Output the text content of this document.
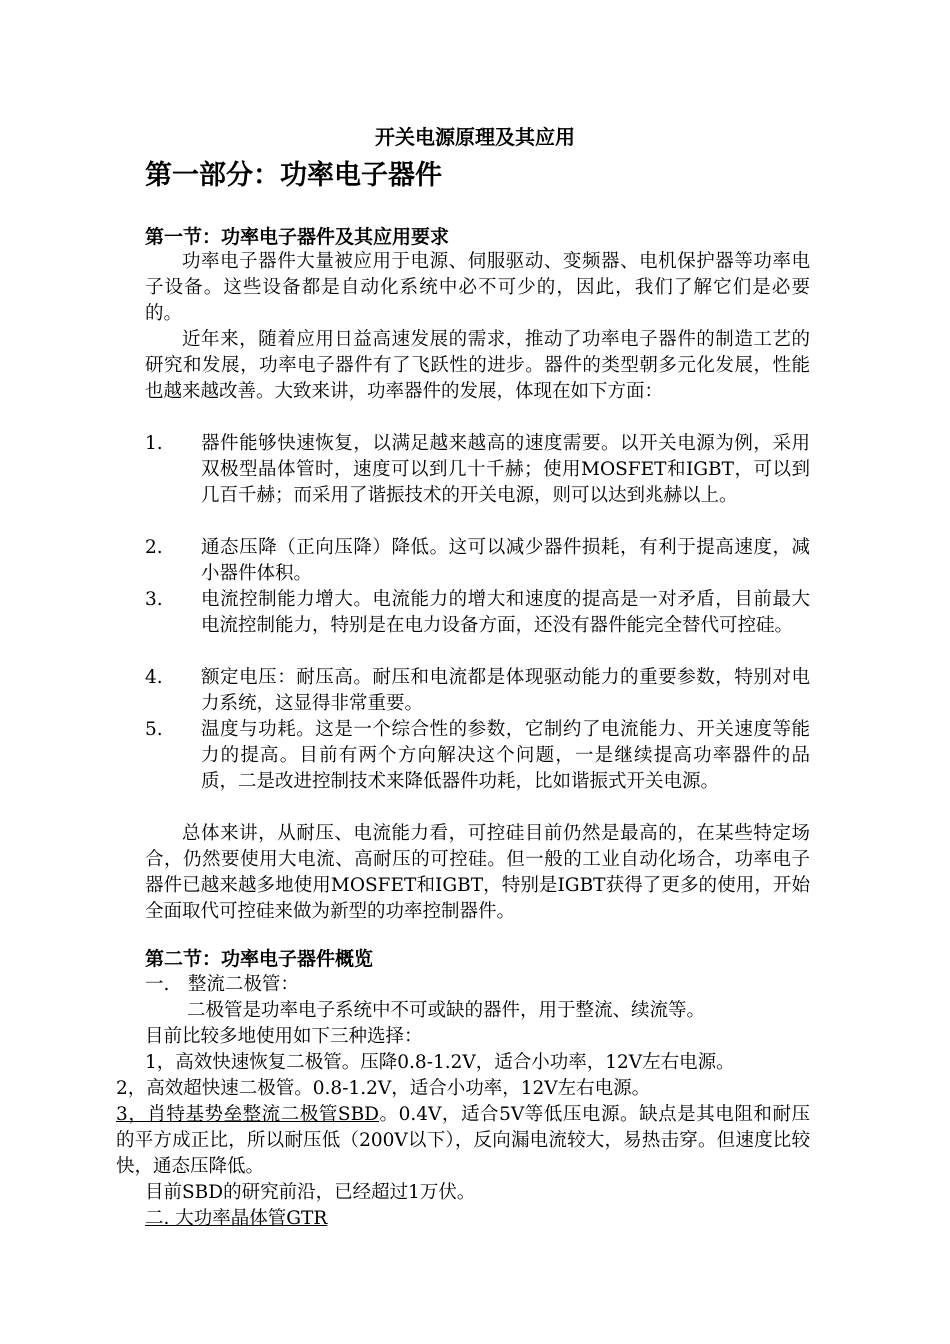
开关电源原理及其应用
第一部分：功率电子器件
第一节：功率电子器件及其应用要求

功率电子器件大量被应用于电源、伺服驱动、变频器、电机保护器等功率电子设备。这些设备都是自动化系统中必不可少的，因此，我们了解它们是必要的。

近年来，随着应用日益高速发展的需求，推动了功率电子器件的制造工艺的研究和发展，功率电子器件有了飞跃性的进步。器件的类型朝多元化发展，性能也越来越改善。大致来讲，功率器件的发展，体现在如下方面：

1.	器件能够快速恢复，以满足越来越高的速度需要。以开关电源为例，采用双极型晶体管时，速度可以到几十千赫；使用MOSFET和IGBT，可以到几百千赫；而采用了谐振技术的开关电源，则可以达到兆赫以上。
2.	通态压降（正向压降）降低。这可以减少器件损耗，有利于提高速度，减小器件体积。
3.	电流控制能力增大。电流能力的增大和速度的提高是一对矛盾，目前最大电流控制能力，特别是在电力设备方面，还没有器件能完全替代可控硅。
4.	额定电压：耐压高。耐压和电流都是体现驱动能力的重要参数，特别对电力系统，这显得非常重要。
5.	温度与功耗。这是一个综合性的参数，它制约了电流能力、开关速度等能力的提高。目前有两个方向解决这个问题，一是继续提高功率器件的品质，二是改进控制技术来降低器件功耗，比如谐振式开关电源。

总体来讲，从耐压、电流能力看，可控硅目前仍然是最高的，在某些特定场合，仍然要使用大电流、高耐压的可控硅。但一般的工业自动化场合，功率电子器件已越来越多地使用MOSFET和IGBT，特别是IGBT获得了更多的使用，开始全面取代可控硅来做为新型的功率控制器件。

第二节：功率电子器件概览
一.　整流二极管：
二极管是功率电子系统中不可或缺的器件，用于整流、续流等。
目前比较多地使用如下三种选择：
1，高效快速恢复二极管。压降0.8-1.2V，适合小功率，12V左右电源。
2，高效超快速二极管。0.8-1.2V，适合小功率，12V左右电源。

3，肖特基势垒整流二极管SBD。0.4V，适合5V等低压电源。缺点是其电阻和耐压的平方成正比，所以耐压低（200V以下），反向漏电流较大，易热击穿。但速度比较快，通态压降低。

目前SBD的研究前沿，已经超过1万伏。
二. 大功率晶体管GTR
